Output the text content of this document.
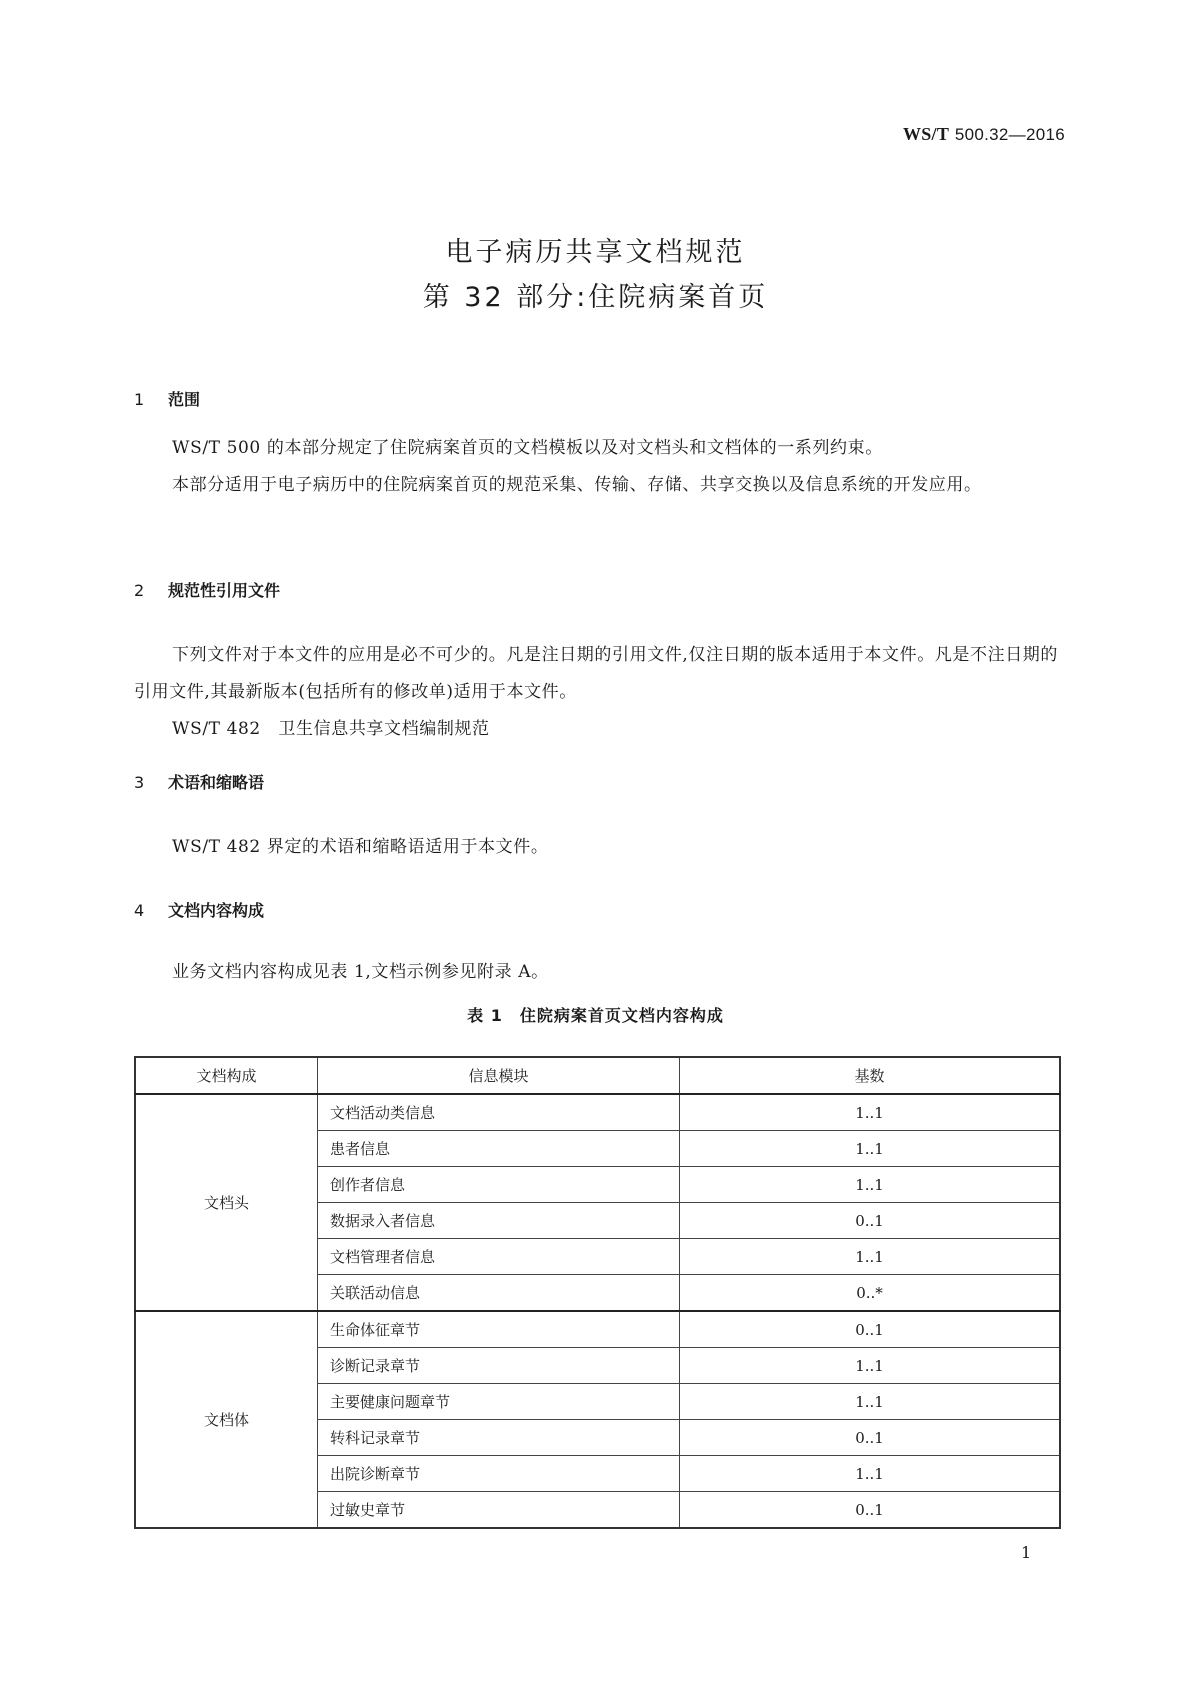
WS/T 500.32—2016
电子病历共享文档规范
第 32 部分:住院病案首页
1 范围
WS/T 500 的本部分规定了住院病案首页的文档模板以及对文档头和文档体的一系列约束。
本部分适用于电子病历中的住院病案首页的规范采集、传输、存储、共享交换以及信息系统的开发应用。
2 规范性引用文件
下列文件对于本文件的应用是必不可少的。凡是注日期的引用文件,仅注日期的版本适用于本文件。凡是不注日期的引用文件,其最新版本(包括所有的修改单)适用于本文件。
WS/T 482　卫生信息共享文档编制规范
3 术语和缩略语
WS/T 482 界定的术语和缩略语适用于本文件。
4 文档内容构成
业务文档内容构成见表 1,文档示例参见附录 A。
表 1　住院病案首页文档内容构成
文档构成	信息模块	基数
文档头	文档活动类信息	1..1
	患者信息	1..1
	创作者信息	1..1
	数据录入者信息	0..1
	文档管理者信息	1..1
	关联活动信息	0..*
文档体	生命体征章节	0..1
	诊断记录章节	1..1
	主要健康问题章节	1..1
	转科记录章节	0..1
	出院诊断章节	1..1
	过敏史章节	0..1
1
